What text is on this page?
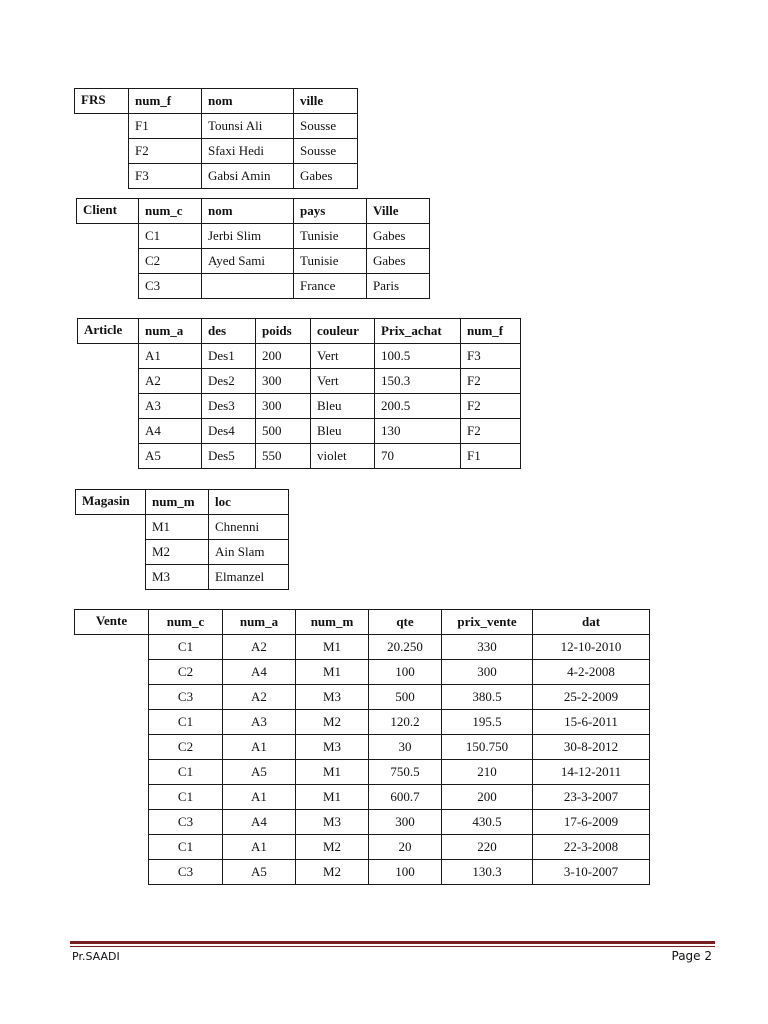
FRS	num_f	nom	ville
	F1	Tounsi Ali	Sousse
	F2	Sfaxi Hedi	Sousse
	F3	Gabsi Amin	Gabes
Client	num_c	nom	pays	Ville
	C1	Jerbi Slim	Tunisie	Gabes
	C2	Ayed Sami	Tunisie	Gabes
	C3		France	Paris
Article	num_a	des	poids	couleur	Prix_achat	num_f
	A1	Des1	200	Vert	100.5	F3
	A2	Des2	300	Vert	150.3	F2
	A3	Des3	300	Bleu	200.5	F2
	A4	Des4	500	Bleu	130	F2
	A5	Des5	550	violet	70	F1
Magasin	num_m	loc
	M1	Chnenni
	M2	Ain Slam
	M3	Elmanzel
Vente	num_c	num_a	num_m	qte	prix_vente	dat
	C1	A2	M1	20.250	330	12-10-2010
	C2	A4	M1	100	300	4-2-2008
	C3	A2	M3	500	380.5	25-2-2009
	C1	A3	M2	120.2	195.5	15-6-2011
	C2	A1	M3	30	150.750	30-8-2012
	C1	A5	M1	750.5	210	14-12-2011
	C1	A1	M1	600.7	200	23-3-2007
	C3	A4	M3	300	430.5	17-6-2009
	C1	A1	M2	20	220	22-3-2008
	C3	A5	M2	100	130.3	3-10-2007
Pr.SAADI	Page 2
